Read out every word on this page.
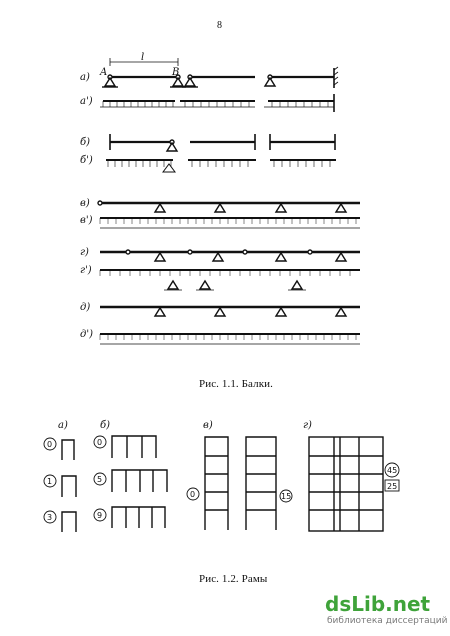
8
а)
а')
б)
б')
в)
в')
г)
г')
д)
д')
A	B
l
а)	б)	в)	г)
0
1
3
0
5
9
0	15
45
25
Рис. 1.1. Балки.
Рис. 1.2. Рамы
dsLib.net
библиотека диссертаций
